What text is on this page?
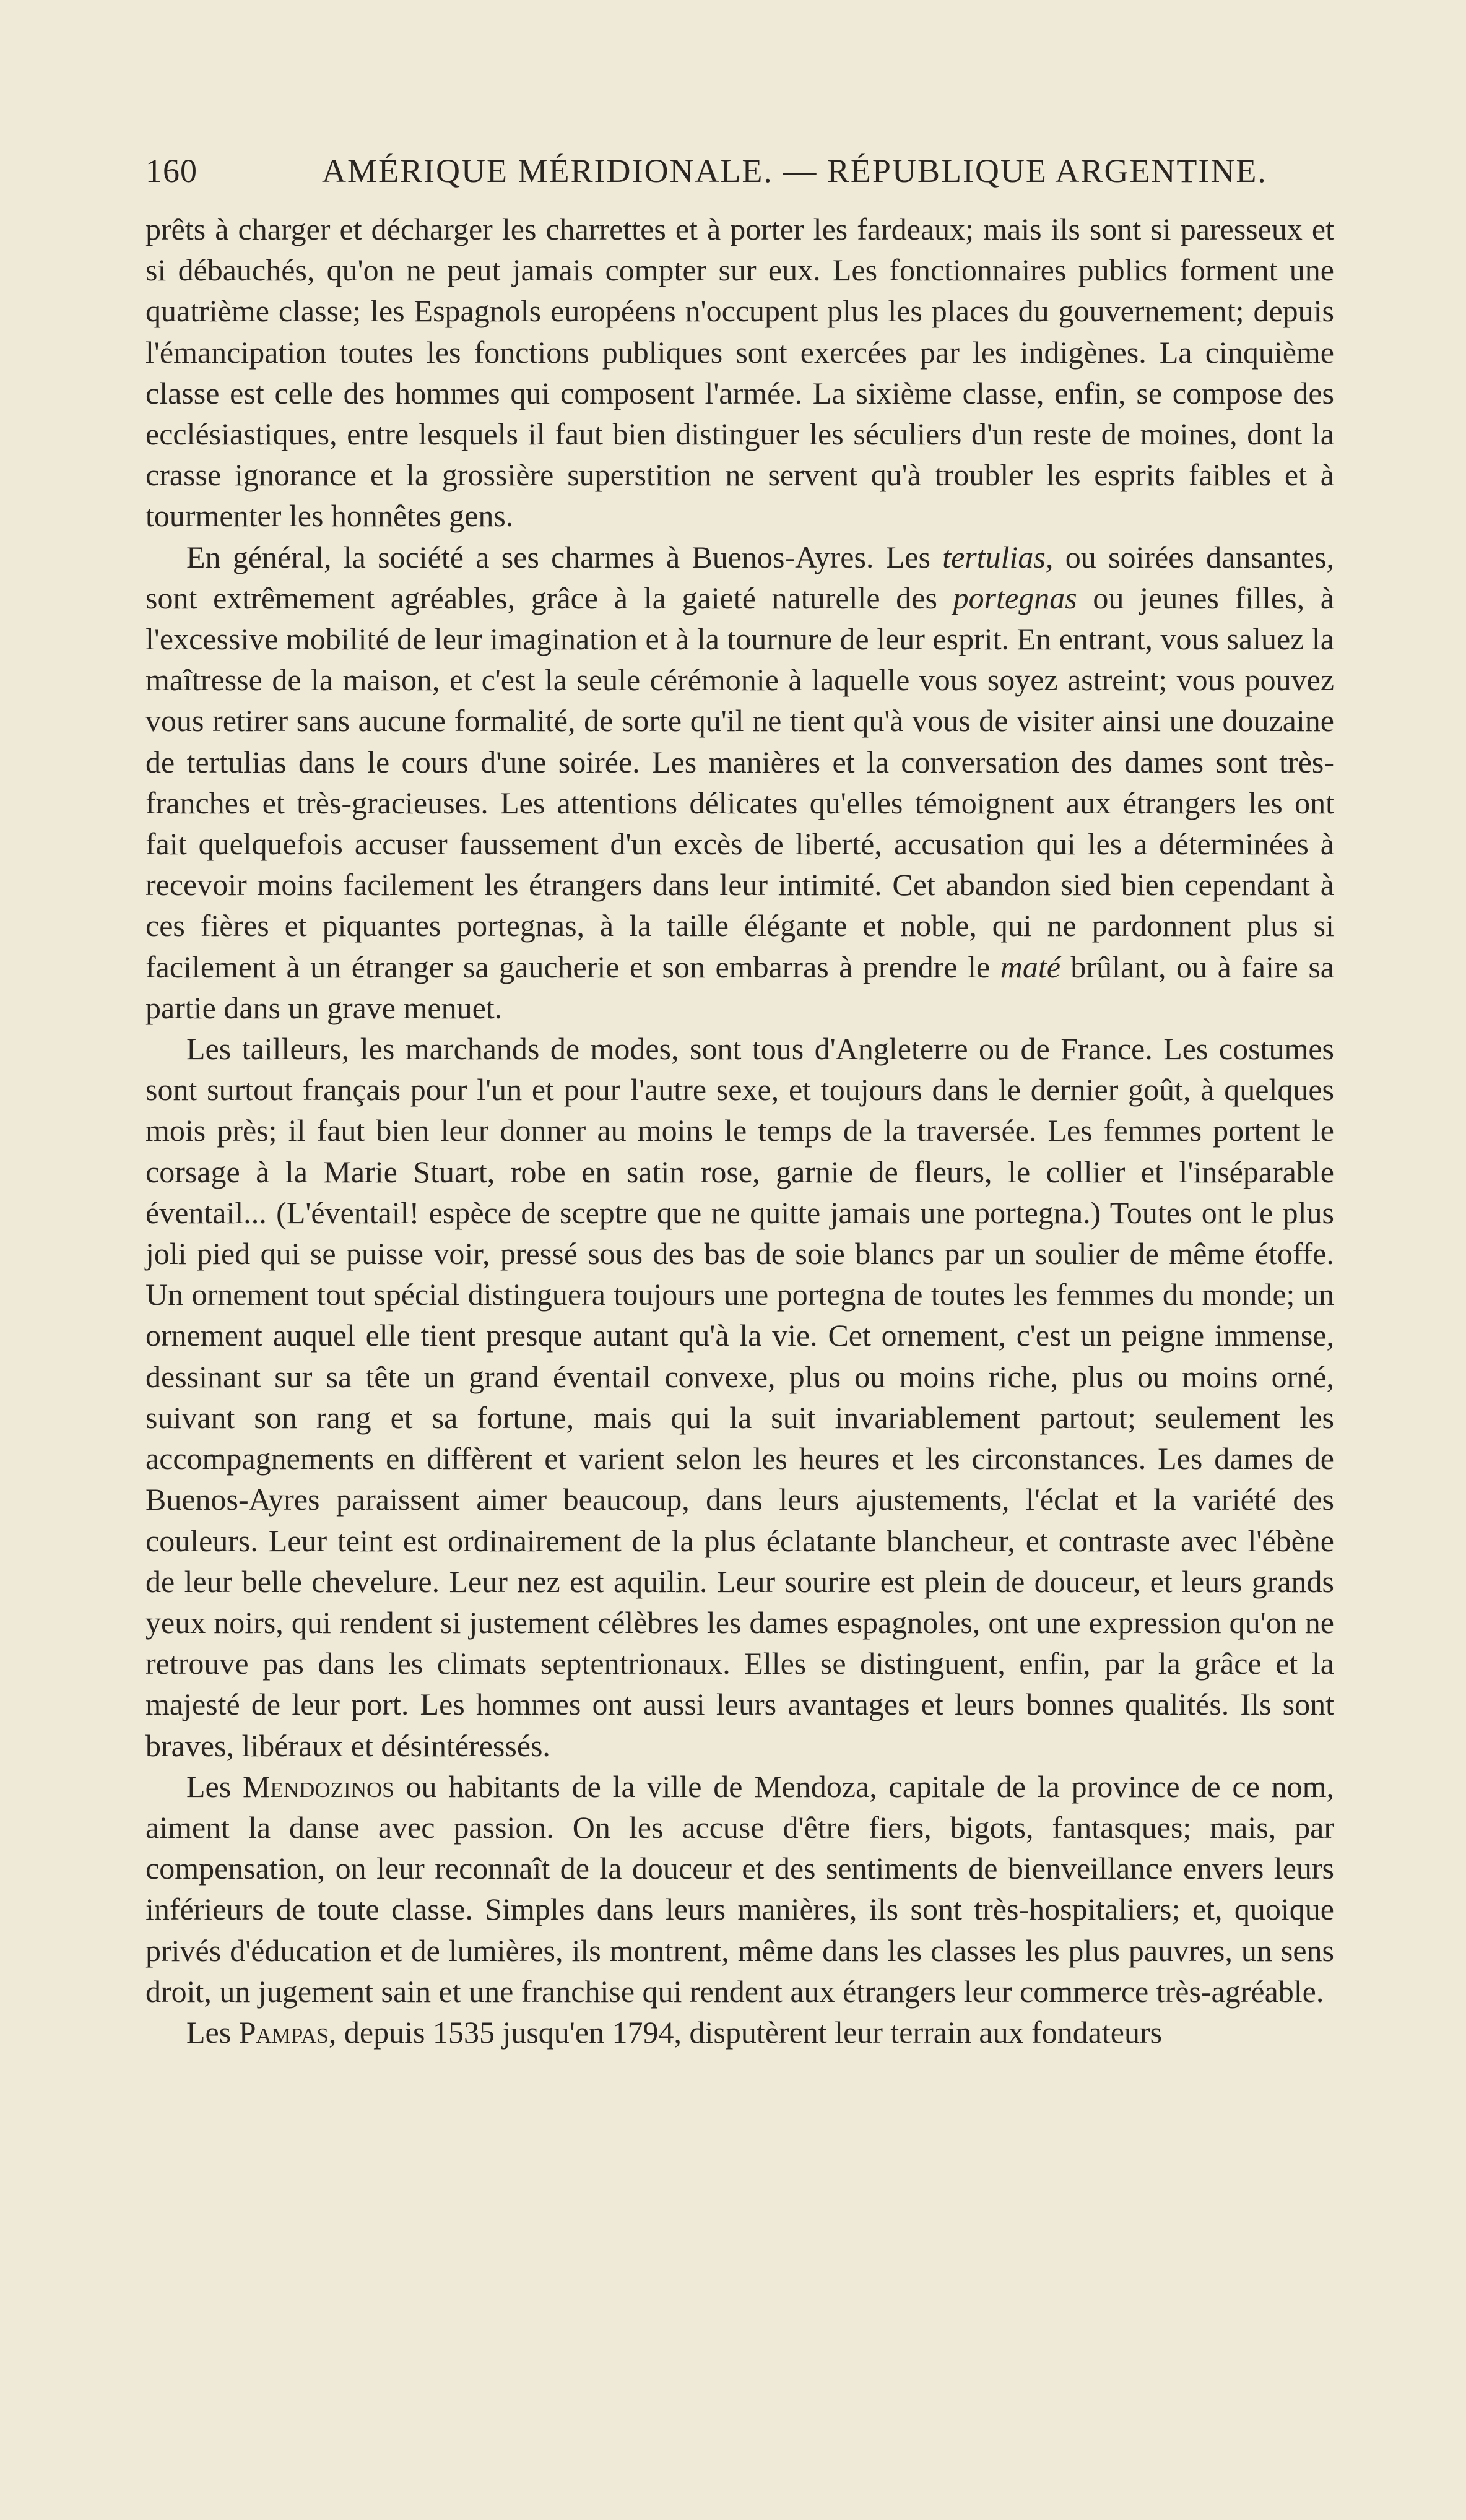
160	AMÉRIQUE MÉRIDIONALE. — RÉPUBLIQUE ARGENTINE.

prêts à charger et décharger les charrettes et à porter les fardeaux; mais ils sont si paresseux et si débauchés, qu'on ne peut jamais compter sur eux. Les fonctionnaires publics forment une quatrième classe; les Espagnols européens n'occupent plus les places du gouvernement; depuis l'émancipation toutes les fonctions publiques sont exercées par les indigènes. La cinquième classe est celle des hommes qui composent l'armée. La sixième classe, enfin, se compose des ecclésiastiques, entre lesquels il faut bien distinguer les séculiers d'un reste de moines, dont la crasse ignorance et la grossière superstition ne servent qu'à troubler les esprits faibles et à tourmenter les honnêtes gens.

En général, la société a ses charmes à Buenos-Ayres. Les tertulias, ou soirées dansantes, sont extrêmement agréables, grâce à la gaieté naturelle des portegnas ou jeunes filles, à l'excessive mobilité de leur imagination et à la tournure de leur esprit. En entrant, vous saluez la maîtresse de la maison, et c'est la seule cérémonie à laquelle vous soyez astreint; vous pouvez vous retirer sans aucune formalité, de sorte qu'il ne tient qu'à vous de visiter ainsi une douzaine de tertulias dans le cours d'une soirée. Les manières et la conversation des dames sont très-franches et très-gracieuses. Les attentions délicates qu'elles témoignent aux étrangers les ont fait quelquefois accuser faussement d'un excès de liberté, accusation qui les a déterminées à recevoir moins facilement les étrangers dans leur intimité. Cet abandon sied bien cependant à ces fières et piquantes portegnas, à la taille élégante et noble, qui ne pardonnent plus si facilement à un étranger sa gaucherie et son embarras à prendre le maté brûlant, ou à faire sa partie dans un grave menuet.

Les tailleurs, les marchands de modes, sont tous d'Angleterre ou de France. Les costumes sont surtout français pour l'un et pour l'autre sexe, et toujours dans le dernier goût, à quelques mois près; il faut bien leur donner au moins le temps de la traversée. Les femmes portent le corsage à la Marie Stuart, robe en satin rose, garnie de fleurs, le collier et l'inséparable éventail... (L'éventail! espèce de sceptre que ne quitte jamais une portegna.) Toutes ont le plus joli pied qui se puisse voir, pressé sous des bas de soie blancs par un soulier de même étoffe. Un ornement tout spécial distinguera toujours une portegna de toutes les femmes du monde; un ornement auquel elle tient presque autant qu'à la vie. Cet ornement, c'est un peigne immense, dessinant sur sa tête un grand éventail convexe, plus ou moins riche, plus ou moins orné, suivant son rang et sa fortune, mais qui la suit invariablement partout; seulement les accompagnements en diffèrent et varient selon les heures et les circonstances. Les dames de Buenos-Ayres paraissent aimer beaucoup, dans leurs ajustements, l'éclat et la variété des couleurs. Leur teint est ordinairement de la plus éclatante blancheur, et contraste avec l'ébène de leur belle chevelure. Leur nez est aquilin. Leur sourire est plein de douceur, et leurs grands yeux noirs, qui rendent si justement célèbres les dames espagnoles, ont une expression qu'on ne retrouve pas dans les climats septentrionaux. Elles se distinguent, enfin, par la grâce et la majesté de leur port. Les hommes ont aussi leurs avantages et leurs bonnes qualités. Ils sont braves, libéraux et désintéressés.

Les Mendozinos ou habitants de la ville de Mendoza, capitale de la province de ce nom, aiment la danse avec passion. On les accuse d'être fiers, bigots, fantasques; mais, par compensation, on leur reconnaît de la douceur et des sentiments de bienveillance envers leurs inférieurs de toute classe. Simples dans leurs manières, ils sont très-hospitaliers; et, quoique privés d'éducation et de lumières, ils montrent, même dans les classes les plus pauvres, un sens droit, un jugement sain et une franchise qui rendent aux étrangers leur commerce très-agréable.

Les Pampas, depuis 1535 jusqu'en 1794, disputèrent leur terrain aux fondateurs
